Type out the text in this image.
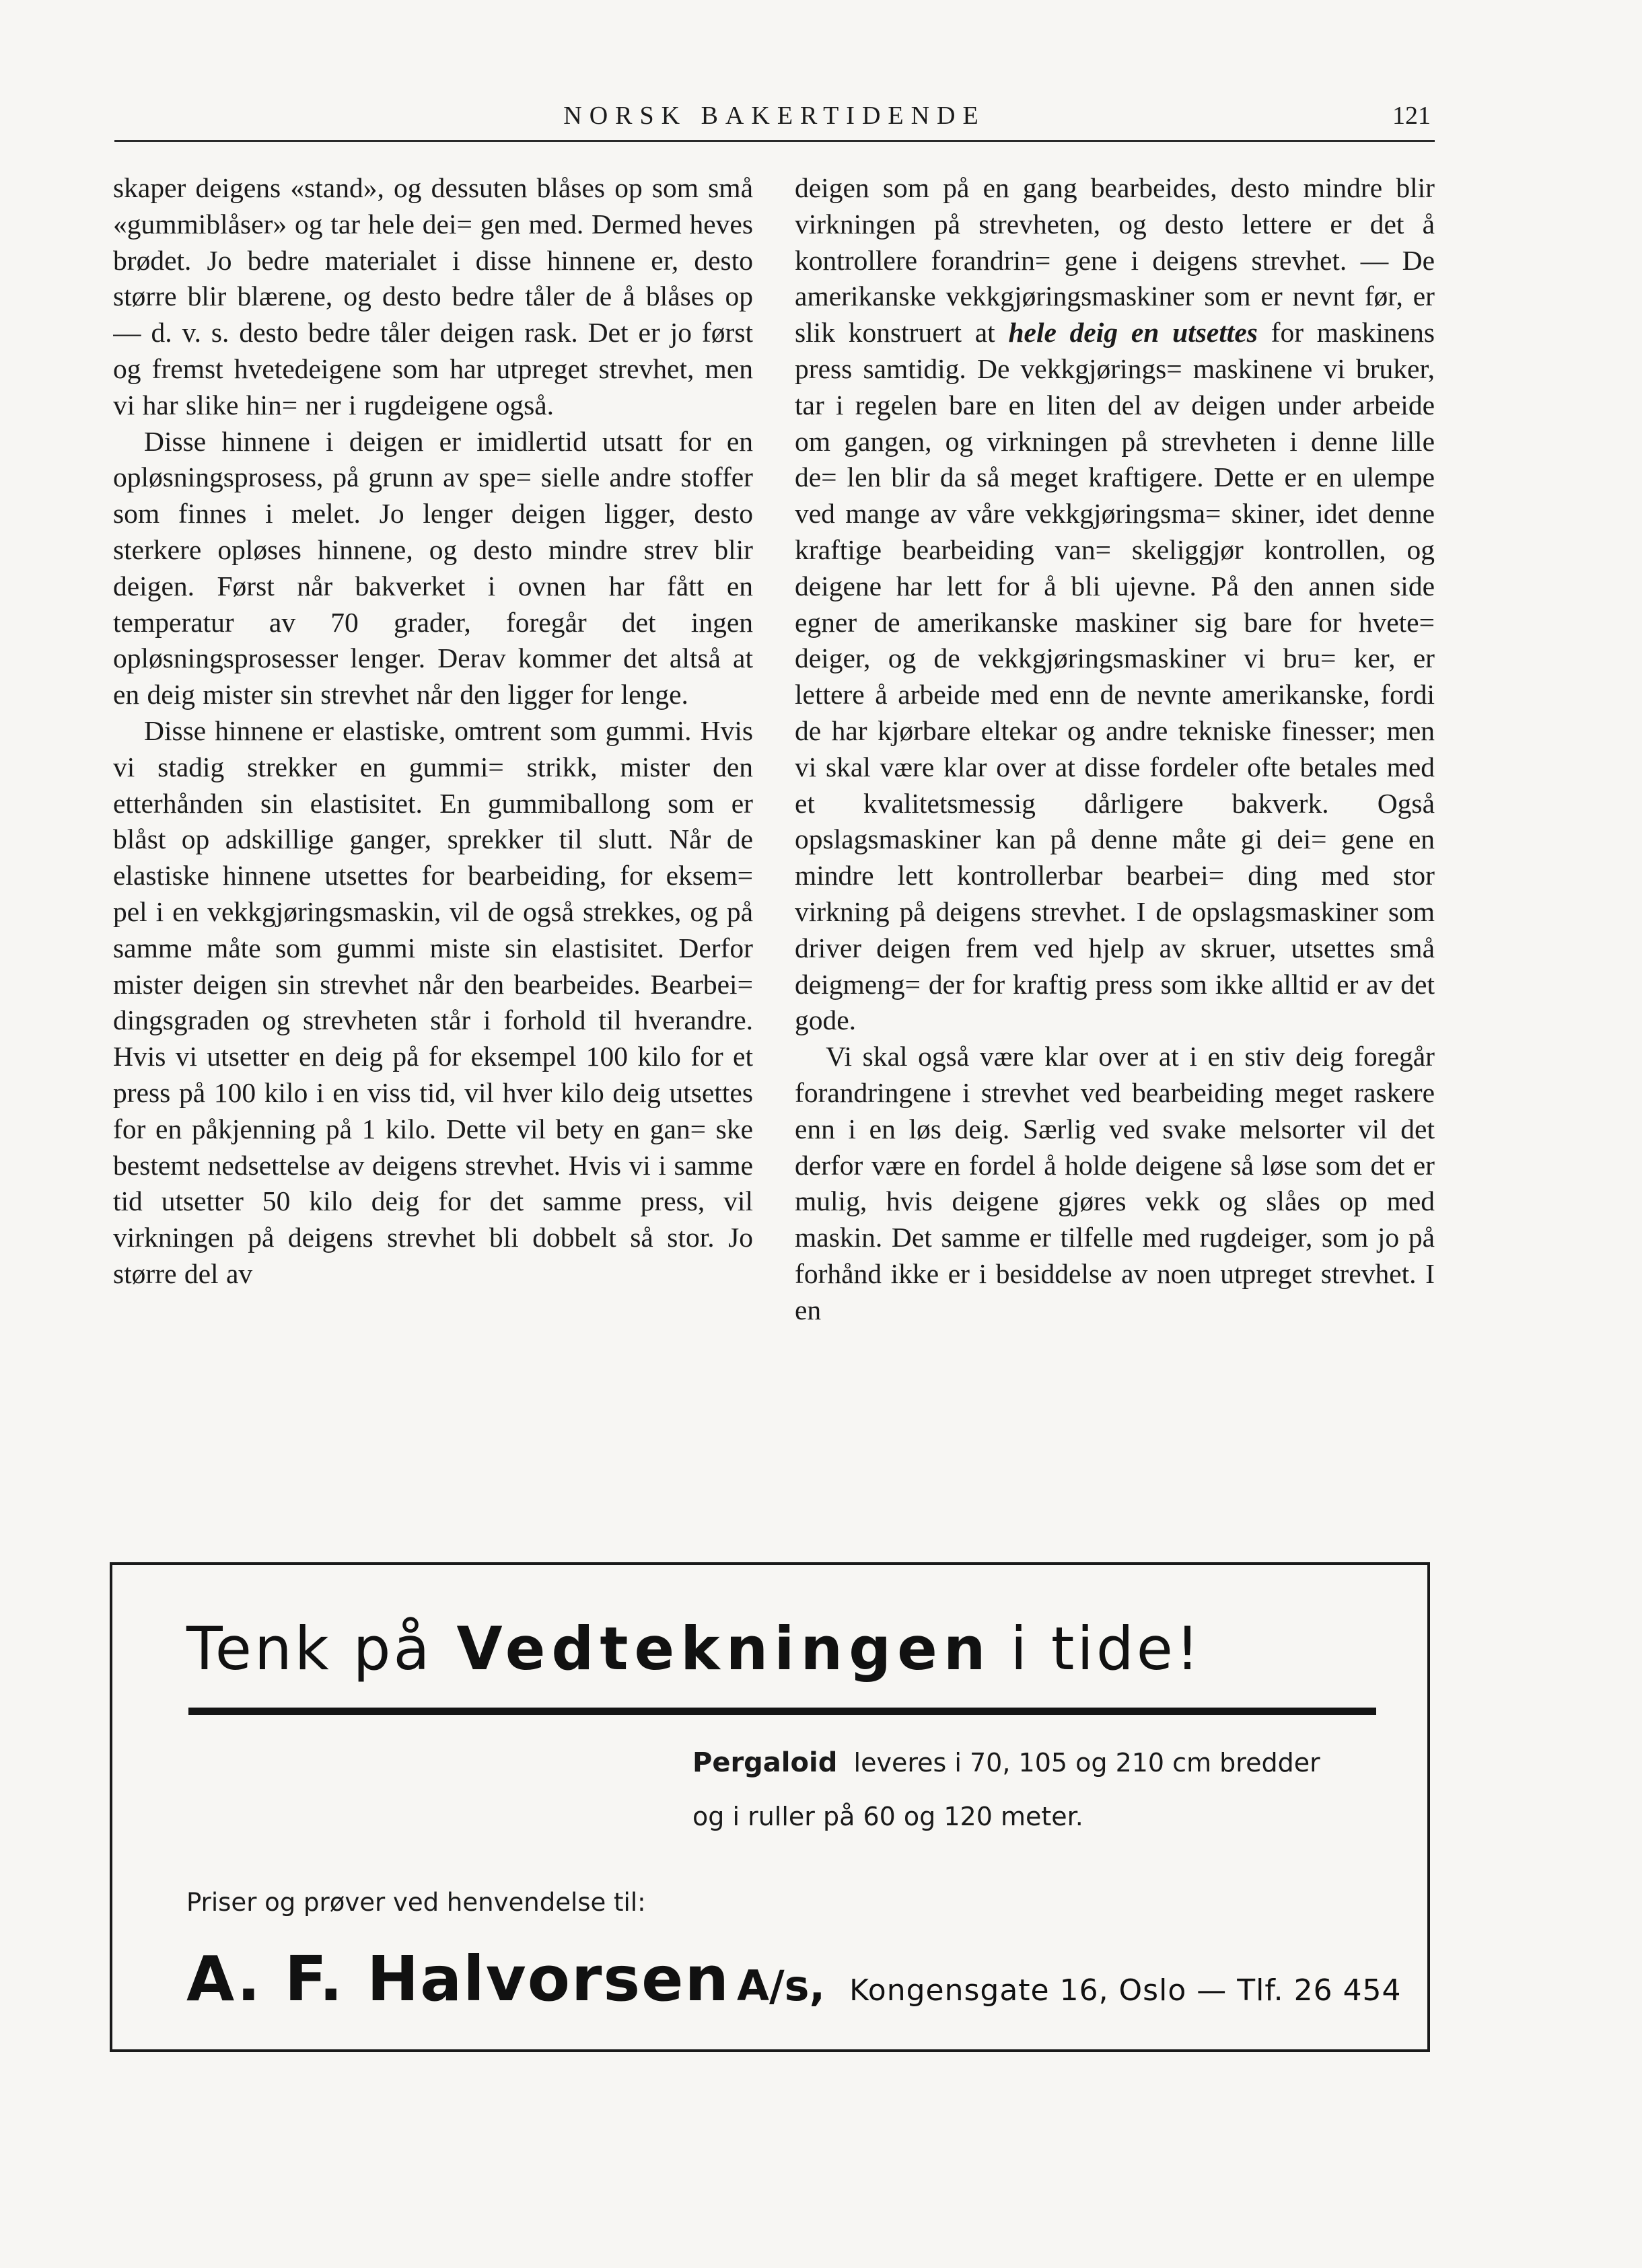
NORSK BAKERTIDENDE	121

skaper deigens «stand», og dessuten blåses op som små «gummiblåser» og tar hele dei= gen med. Dermed heves brødet. Jo bedre materialet i disse hinnene er, desto større blir blærene, og desto bedre tåler de å blåses op — d. v. s. desto bedre tåler deigen rask. Det er jo først og fremst hvetedeigene som har utpreget strevhet, men vi har slike hin= ner i rugdeigene også.

Disse hinnene i deigen er imidlertid utsatt for en opløsningsprosess, på grunn av spe= sielle andre stoffer som finnes i melet. Jo lenger deigen ligger, desto sterkere opløses hinnene, og desto mindre strev blir deigen. Først når bakverket i ovnen har fått en temperatur av 70 grader, foregår det ingen opløsningsprosesser lenger. Derav kommer det altså at en deig mister sin strevhet når den ligger for lenge.

Disse hinnene er elastiske, omtrent som gummi. Hvis vi stadig strekker en gummi= strikk, mister den etterhånden sin elastisitet. En gummiballong som er blåst op adskillige ganger, sprekker til slutt. Når de elastiske hinnene utsettes for bearbeiding, for eksem= pel i en vekkgjøringsmaskin, vil de også strekkes, og på samme måte som gummi miste sin elastisitet. Derfor mister deigen sin strevhet når den bearbeides. Bearbei= dingsgraden og strevheten står i forhold til hverandre. Hvis vi utsetter en deig på for eksempel 100 kilo for et press på 100 kilo i en viss tid, vil hver kilo deig utsettes for en påkjenning på 1 kilo. Dette vil bety en gan= ske bestemt nedsettelse av deigens strevhet. Hvis vi i samme tid utsetter 50 kilo deig for det samme press, vil virkningen på deigens strevhet bli dobbelt så stor. Jo større del av

deigen som på en gang bearbeides, desto mindre blir virkningen på strevheten, og desto lettere er det å kontrollere forandrin= gene i deigens strevhet. — De amerikanske vekkgjøringsmaskiner som er nevnt før, er slik konstruert at hele deig en utsettes for maskinens press samtidig. De vekkgjørings= maskinene vi bruker, tar i regelen bare en liten del av deigen under arbeide om gangen, og virkningen på strevheten i denne lille de= len blir da så meget kraftigere. Dette er en ulempe ved mange av våre vekkgjøringsma= skiner, idet denne kraftige bearbeiding van= skeliggjør kontrollen, og deigene har lett for å bli ujevne. På den annen side egner de amerikanske maskiner sig bare for hvete= deiger, og de vekkgjøringsmaskiner vi bru= ker, er lettere å arbeide med enn de nevnte amerikanske, fordi de har kjørbare eltekar og andre tekniske finesser; men vi skal være klar over at disse fordeler ofte betales med et kvalitetsmessig dårligere bakverk. Også opslagsmaskiner kan på denne måte gi dei= gene en mindre lett kontrollerbar bearbei= ding med stor virkning på deigens strevhet. I de opslagsmaskiner som driver deigen frem ved hjelp av skruer, utsettes små deigmeng= der for kraftig press som ikke alltid er av det gode.

Vi skal også være klar over at i en stiv deig foregår forandringene i strevhet ved bearbeiding meget raskere enn i en løs deig. Særlig ved svake melsorter vil det derfor være en fordel å holde deigene så løse som det er mulig, hvis deigene gjøres vekk og slåes op med maskin. Det samme er tilfelle med rugdeiger, som jo på forhånd ikke er i besiddelse av noen utpreget strevhet. I en

Tenk på Vedtekningen i tide!
Pergaloid leveres i 70, 105 og 210 cm bredder
og i ruller på 60 og 120 meter.
Priser og prøver ved henvendelse til:
A. F. Halvorsen A/s, Kongensgate 16, Oslo — Tlf. 26 454
